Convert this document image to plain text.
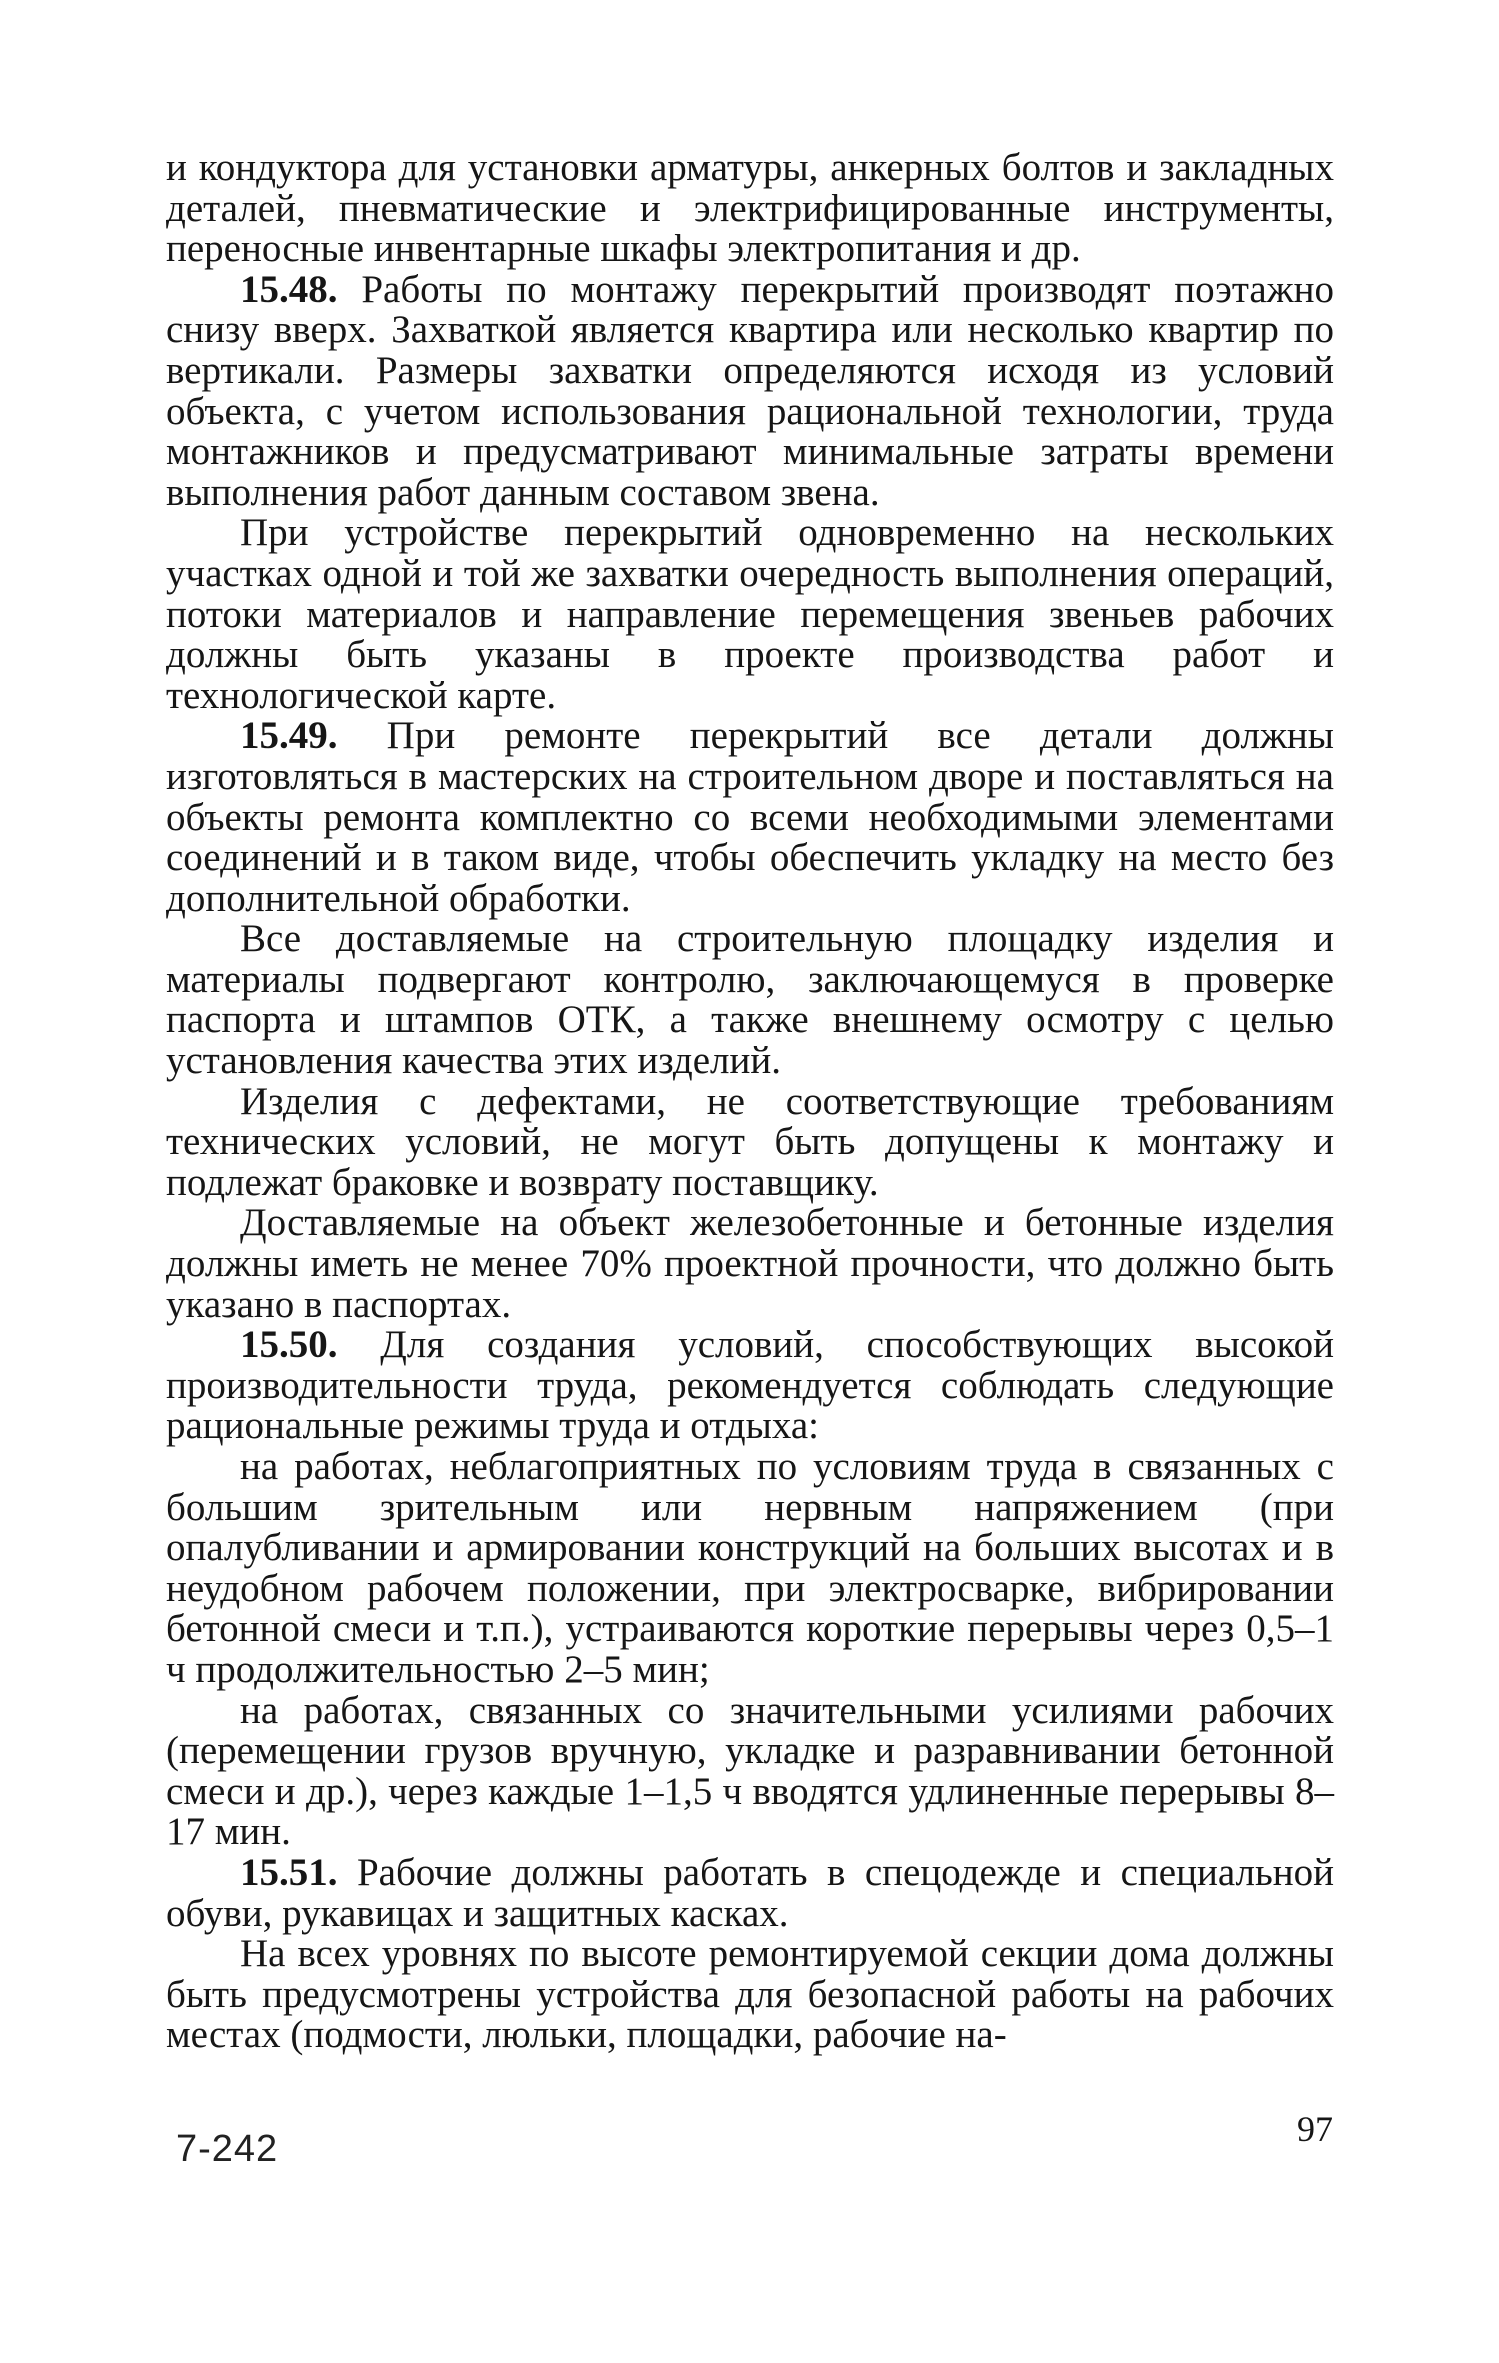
и кондуктора для установки арматуры, анкерных болтов и закладных деталей, пневматические и электрифицированные инструменты, переносные инвентарные шкафы электропитания и др.

15.48. Работы по монтажу перекрытий производят поэтажно снизу вверх. Захваткой является квартира или несколько квартир по вертикали. Размеры захватки определяются исходя из условий объекта, с учетом использования рациональной технологии, труда монтажников и предусматривают минимальные затраты времени выполнения работ данным составом звена.

При устройстве перекрытий одновременно на нескольких участках одной и той же захватки очередность выполнения операций, потоки материалов и направление перемещения звеньев рабочих должны быть указаны в проекте производства работ и технологической карте.

15.49. При ремонте перекрытий все детали должны изготовляться в мастерских на строительном дворе и поставляться на объекты ремонта комплектно со всеми необходимыми элементами соединений и в таком виде, чтобы обеспечить укладку на место без дополнительной обработки.

Все доставляемые на строительную площадку изделия и материалы подвергают контролю, заключающемуся в проверке паспорта и штампов ОТК, а также внешнему осмотру с целью установления качества этих изделий.

Изделия с дефектами, не соответствующие требованиям технических условий, не могут быть допущены к монтажу и подлежат браковке и возврату поставщику.

Доставляемые на объект железобетонные и бетонные изделия должны иметь не менее 70% проектной прочности, что должно быть указано в паспортах.

15.50. Для создания условий, способствующих высокой производительности труда, рекомендуется соблюдать следующие рациональные режимы труда и отдыха:

на работах, неблагоприятных по условиям труда в связанных с большим зрительным или нервным напряжением (при опалубливании и армировании конструкций на больших высотах и в неудобном рабочем положении, при электросварке, вибрировании бетонной смеси и т.п.), устраиваются короткие перерывы через 0,5–1 ч продолжительностью 2–5 мин;

на работах, связанных со значительными усилиями рабочих (перемещении грузов вручную, укладке и разравнивании бетонной смеси и др.), через каждые 1–1,5 ч вводятся удлиненные перерывы 8–17 мин.

15.51. Рабочие должны работать в спецодежде и специальной обуви, рукавицах и защитных касках.

На всех уровнях по высоте ремонтируемой секции дома должны быть предусмотрены устройства для безопасной работы на рабочих местах (подмости, люльки, площадки, рабочие на-

7-242	97
